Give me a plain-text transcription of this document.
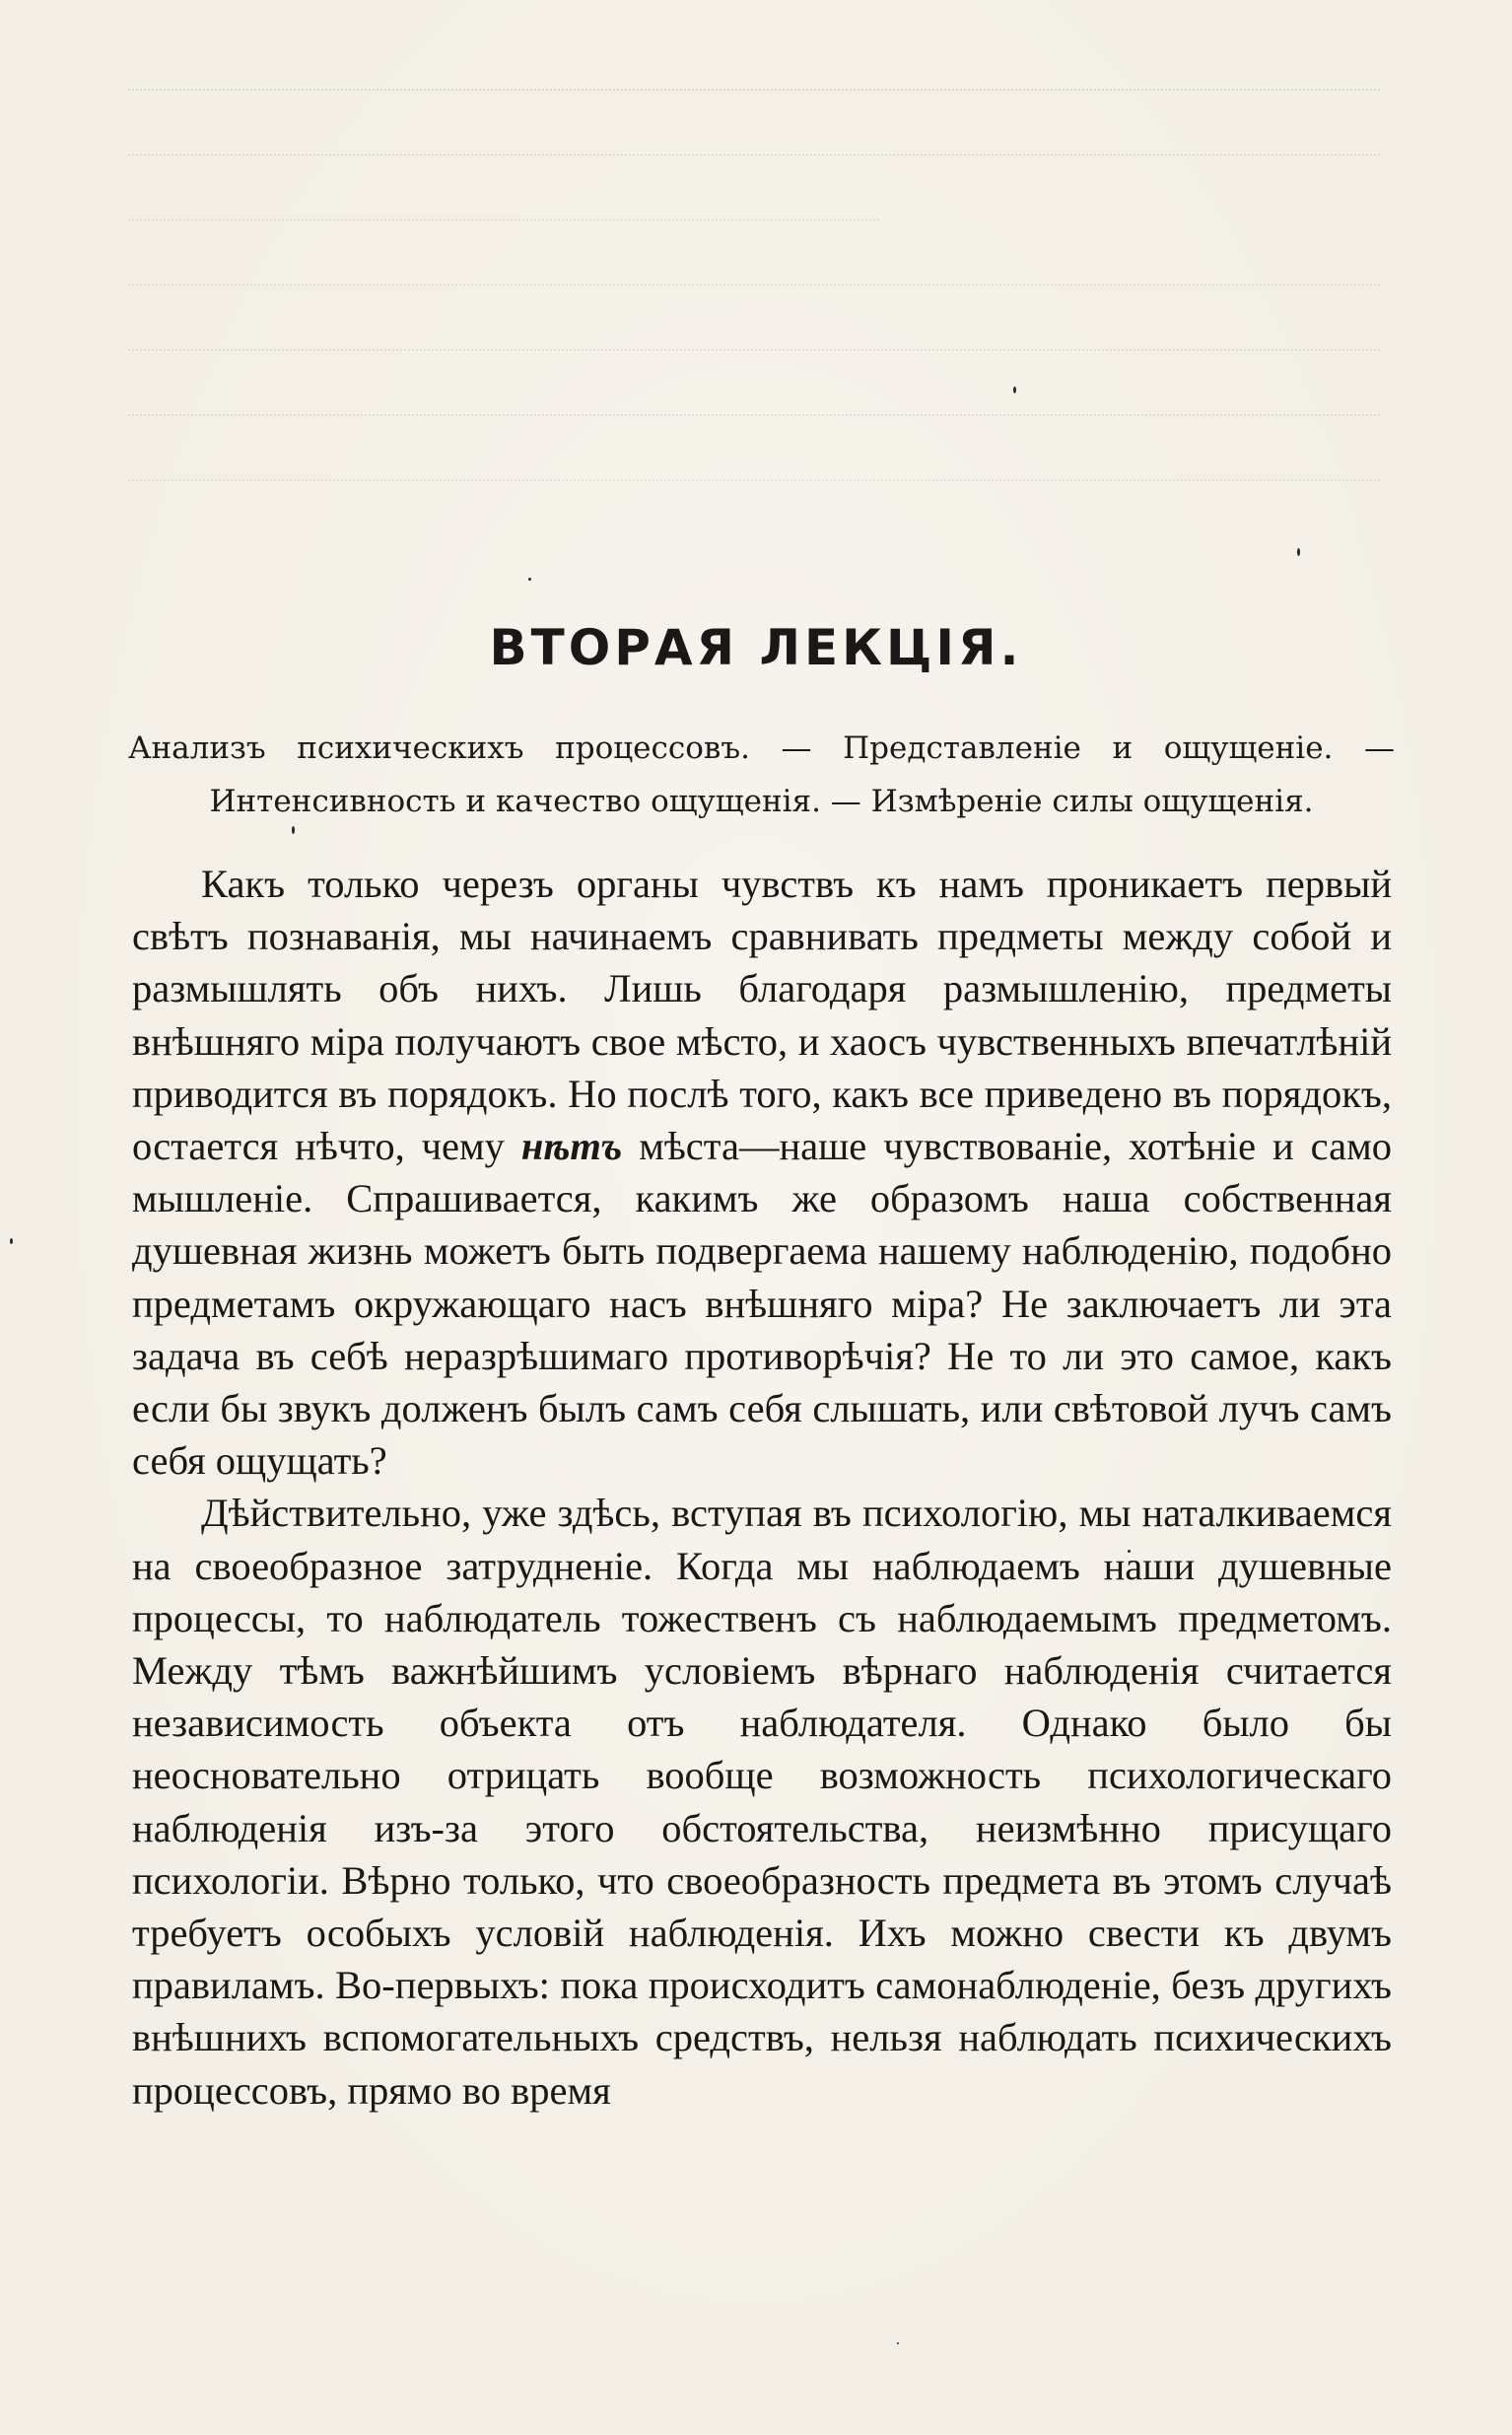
ВТОРАЯ ЛЕКЦІЯ.

Анализъ психическихъ процессовъ. — Представленіе и ощущеніе. — Интенсивность и качество ощущенія. — Измѣреніе силы ощущенія.

Какъ только черезъ органы чувствъ къ намъ проникаетъ первый свѣтъ познаванія, мы начинаемъ сравнивать предметы между собой и размышлять объ нихъ. Лишь благодаря размышленію, предметы внѣшняго міра получаютъ свое мѣсто, и хаосъ чувственныхъ впечатлѣній приводится въ порядокъ. Но послѣ того, какъ все приведено въ порядокъ, остается нѣчто, чему нѣтъ мѣста—наше чувствованіе, хотѣніе и само мышленіе. Спрашивается, какимъ же образомъ наша собственная душевная жизнь можетъ быть подвергаема нашему наблюденію, подобно предметамъ окружающаго насъ внѣшняго міра? Не заключаетъ ли эта задача въ себѣ неразрѣшимаго противорѣчія? Не то ли это самое, какъ если бы звукъ долженъ былъ самъ себя слышать, или свѣтовой лучъ самъ себя ощущать?

Дѣйствительно, уже здѣсь, вступая въ психологію, мы наталкиваемся на своеобразное затрудненіе. Когда мы наблюдаемъ наши душевные процессы, то наблюдатель тожественъ съ наблюдаемымъ предметомъ. Между тѣмъ важнѣйшимъ условіемъ вѣрнаго наблюденія считается независимость объекта отъ наблюдателя. Однако было бы неосновательно отрицать вообще возможность психологическаго наблюденія изъ-за этого обстоятельства, неизмѣнно присущаго психологіи. Вѣрно только, что своеобразность предмета въ этомъ случаѣ требуетъ особыхъ условій наблюденія. Ихъ можно свести къ двумъ правиламъ. Во-первыхъ: пока происходитъ самонаблюденіе, безъ другихъ внѣшнихъ вспомогательныхъ средствъ, нельзя наблюдать психическихъ процессовъ, прямо во время
